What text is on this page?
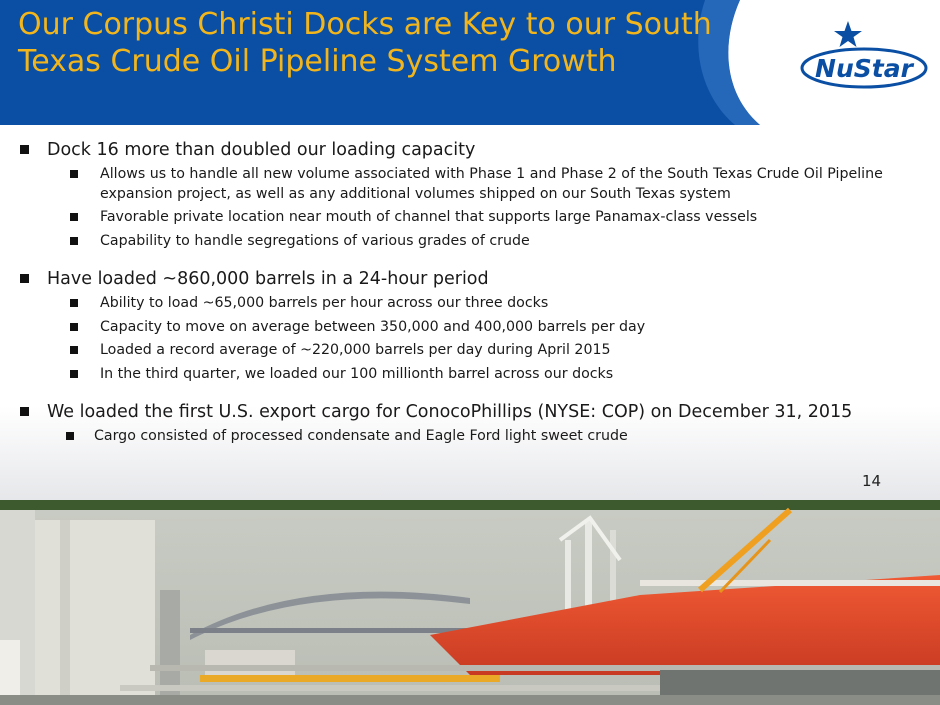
Our Corpus Christi Docks are Key to our South Texas Crude Oil Pipeline System Growth	NuStar
Dock 16 more than doubled our loading capacity
Allows us to handle all new volume associated with Phase 1 and Phase 2 of the South Texas Crude Oil Pipeline expansion project, as well as any additional volumes shipped on our South Texas system
Favorable private location near mouth of channel that supports large Panamax-class vessels
Capability to handle segregations of various grades of crude
Have loaded ~860,000 barrels in a 24-hour period
Ability to load ~65,000 barrels per hour across our three docks
Capacity to move on average between 350,000 and 400,000 barrels per day
Loaded a record average of ~220,000 barrels per day during April 2015
In the third quarter, we loaded our 100 millionth barrel across our docks
We loaded the first U.S. export cargo for ConocoPhillips (NYSE: COP) on December 31, 2015
Cargo consisted of processed condensate and Eagle Ford light sweet crude
14
